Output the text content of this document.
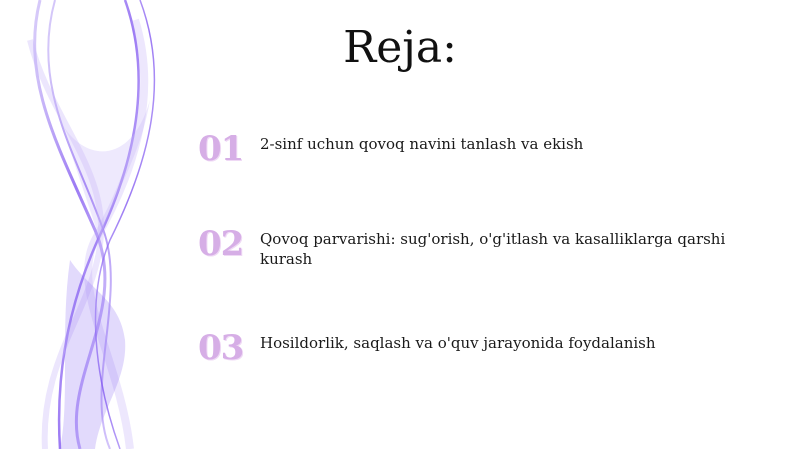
Reja:
01	2-sinf uchun qovoq navini tanlash va ekish
02	Qovoq parvarishi: sug'orish, o'g'itlash va kasalliklarga qarshi kurash
03	Hosildorlik, saqlash va o'quv jarayonida foydalanish
